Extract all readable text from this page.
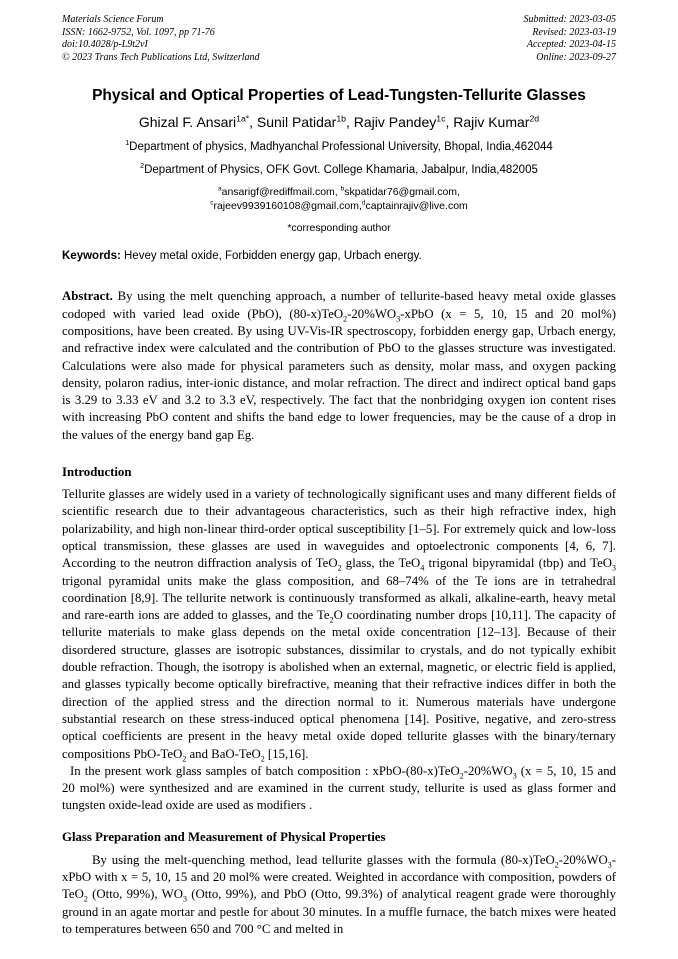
Materials Science Forum
ISSN: 1662-9752, Vol. 1097, pp 71-76
doi:10.4028/p-L9t2vI
© 2023 Trans Tech Publications Ltd, Switzerland
Submitted: 2023-03-05
Revised: 2023-03-19
Accepted: 2023-04-15
Online: 2023-09-27
Physical and Optical Properties of Lead-Tungsten-Tellurite Glasses
Ghizal F. Ansari$^{1a*}$, Sunil Patidar$^{1b}$, Rajiv Pandey$^{1c}$, Rajiv Kumar$^{2d}$
$^1$Department of physics, Madhyanchal Professional University, Bhopal, India,462044
$^2$Department of Physics, OFK Govt. College Khamaria, Jabalpur, India,482005
$^a$ansarigf@rediffmail.com, $^b$skpatidar76@gmail.com,
$^c$rajeev9939160108@gmail.com,$^d$captainrajiv@live.com
*corresponding author
Keywords: Hevey metal oxide, Forbidden energy gap, Urbach energy.

Abstract. By using the melt quenching approach, a number of tellurite-based heavy metal oxide glasses codoped with varied lead oxide (PbO), $(80-x)TeO_2-20\%WO_3$-xPbO (x = 5, 10, 15 and 20 mol%) compositions, have been created. By using UV-Vis-IR spectroscopy, forbidden energy gap, Urbach energy, and refractive index were calculated and the contribution of PbO to the glasses structure was investigated. Calculations were also made for physical parameters such as density, molar mass, and oxygen packing density, polaron radius, inter-ionic distance, and molar refraction. The direct and indirect optical band gaps is 3.29 to 3.33 eV and 3.2 to 3.3 eV, respectively. The fact that the nonbridging oxygen ion content rises with increasing PbO content and shifts the band edge to lower frequencies, may be the cause of a drop in the values of the energy band gap Eg.

Introduction

Tellurite glasses are widely used in a variety of technologically significant uses and many different fields of scientific research due to their advantageous characteristics, such as their high refractive index, high polarizability, and high non-linear third-order optical susceptibility [1–5]. For extremely quick and low-loss optical transmission, these glasses are used in waveguides and optoelectronic components [4, 6, 7]. According to the neutron diffraction analysis of TeO$_2$ glass, the TeO$_4$ trigonal bipyramidal (tbp) and TeO$_3$ trigonal pyramidal units make the glass composition, and 68–74% of the Te ions are in tetrahedral coordination [8,9]. The tellurite network is continuously transformed as alkali, alkaline-earth, heavy metal and rare-earth ions are added to glasses, and the $Te_2O$ coordinating number drops [10,11]. The capacity of tellurite materials to make glass depends on the metal oxide concentration [12–13]. Because of their disordered structure, glasses are isotropic substances, dissimilar to crystals, and do not typically exhibit double refraction. Though, the isotropy is abolished when an external, magnetic, or electric field is applied, and glasses typically become optically birefractive, meaning that their refractive indices differ in both the direction of the applied stress and the direction normal to it. Numerous materials have undergone substantial research on these stress-induced optical phenomena [14]. Positive, negative, and zero-stress optical coefficients are present in the heavy metal oxide doped tellurite glasses with the binary/ternary compositions PbO-TeO$_2$ and BaO-TeO$_2$ [15,16].

In the present work glass samples of batch composition : xPbO-$(80-x)TeO_2-20\%WO_3$ (x = 5, 10, 15 and 20 mol%) were synthesized and are examined in the current study, tellurite is used as glass former and tungsten oxide-lead oxide are used as modifiers .

Glass Preparation and Measurement of Physical Properties

By using the melt-quenching method, lead tellurite glasses with the formula $(80-x)TeO_2-20\%WO_3$-xPbO with x = 5, 10, 15 and 20 mol% were created. Weighted in accordance with composition, powders of TeO$_2$ (Otto, 99%), $WO_3$ (Otto, 99%), and PbO (Otto, 99.3%) of analytical reagent grade were thoroughly ground in an agate mortar and pestle for about 30 minutes. In a muffle furnace, the batch mixes were heated to temperatures between 650 and 700 °C and melted in
